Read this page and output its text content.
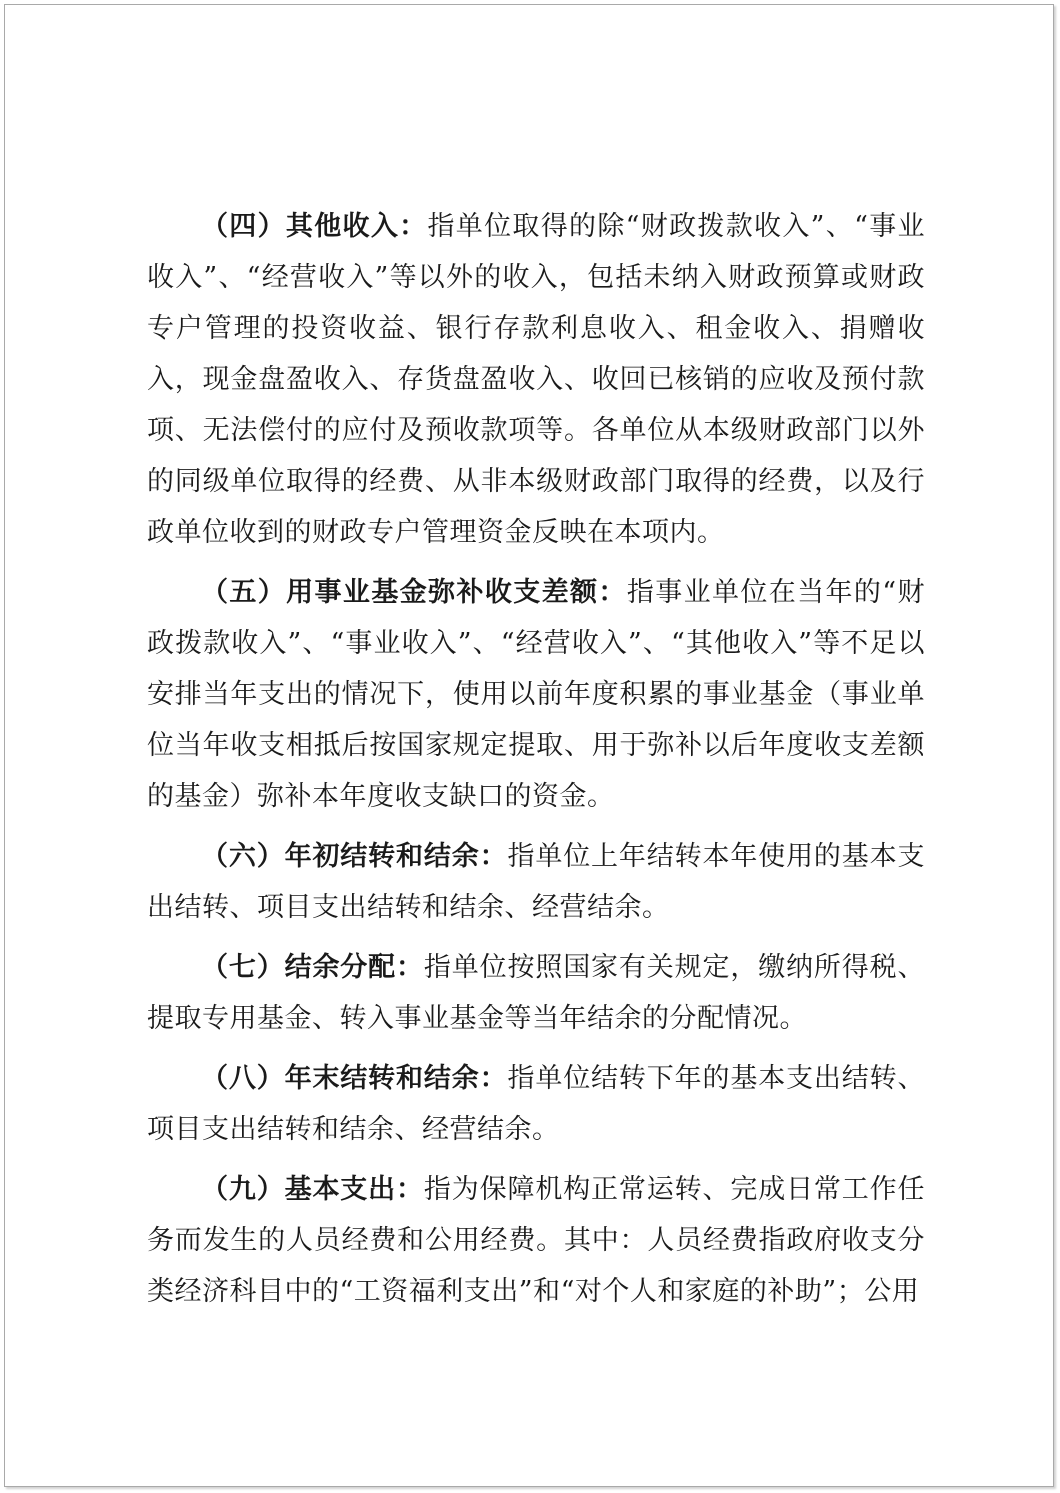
（四）其他收入：指单位取得的除“财政拨款收入”、“事业收入”、“经营收入”等以外的收入，包括未纳入财政预算或财政专户管理的投资收益、银行存款利息收入、租金收入、捐赠收入，现金盘盈收入、存货盘盈收入、收回已核销的应收及预付款项、无法偿付的应付及预收款项等。各单位从本级财政部门以外的同级单位取得的经费、从非本级财政部门取得的经费，以及行政单位收到的财政专户管理资金反映在本项内。

（五）用事业基金弥补收支差额：指事业单位在当年的“财政拨款收入”、“事业收入”、“经营收入”、“其他收入”等不足以安排当年支出的情况下，使用以前年度积累的事业基金（事业单位当年收支相抵后按国家规定提取、用于弥补以后年度收支差额的基金）弥补本年度收支缺口的资金。

（六）年初结转和结余：指单位上年结转本年使用的基本支出结转、项目支出结转和结余、经营结余。

（七）结余分配：指单位按照国家有关规定，缴纳所得税、提取专用基金、转入事业基金等当年结余的分配情况。

（八）年末结转和结余：指单位结转下年的基本支出结转、项目支出结转和结余、经营结余。

（九）基本支出：指为保障机构正常运转、完成日常工作任务而发生的人员经费和公用经费。其中：人员经费指政府收支分类经济科目中的“工资福利支出”和“对个人和家庭的补助”；公用
